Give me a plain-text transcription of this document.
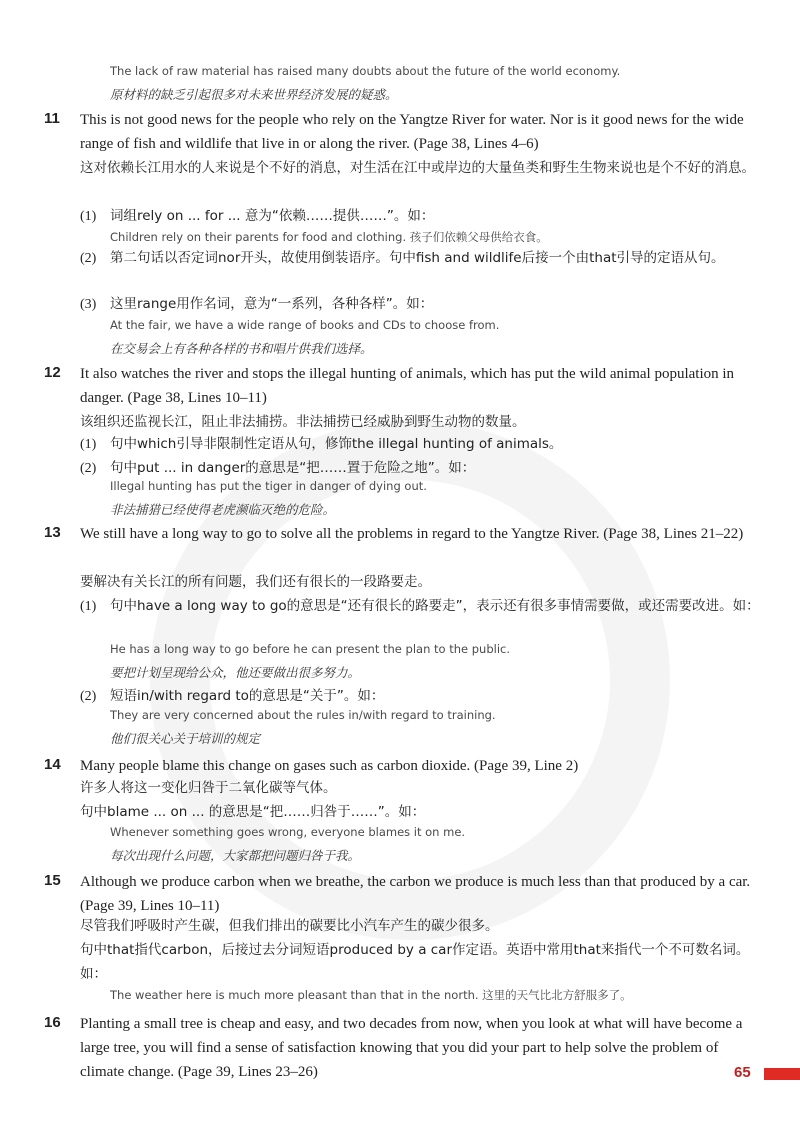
The lack of raw material has raised many doubts about the future of the world economy.
原材料的缺乏引起很多对未来世界经济发展的疑惑。
11 This is not good news for the people who rely on the Yangtze River for water. Nor is it good news for the wide range of fish and wildlife that live in or along the river. (Page 38, Lines 4–6)
这对依赖长江用水的人来说是个不好的消息，对生活在江中或岸边的大量鱼类和野生生物来说也是个不好的消息。
(1) 词组rely on ... for ... 意为“依赖……提供……”。如：
Children rely on their parents for food and clothing. 孩子们依赖父母供给衣食。
(2) 第二句话以否定词nor开头，故使用倒装语序。句中fish and wildlife后接一个由that引导的定语从句。
(3) 这里range用作名词，意为“一系列，各种各样”。如：
At the fair, we have a wide range of books and CDs to choose from.
在交易会上有各种各样的书和唱片供我们选择。
12 It also watches the river and stops the illegal hunting of animals, which has put the wild animal population in danger. (Page 38, Lines 10–11)
该组织还监视长江，阻止非法捕捞。非法捕捞已经威胁到野生动物的数量。
(1) 句中which引导非限制性定语从句，修饰the illegal hunting of animals。
(2) 句中put ... in danger的意思是“把……置于危险之地”。如：
Illegal hunting has put the tiger in danger of dying out.
非法捕猎已经使得老虎濒临灭绝的危险。
13 We still have a long way to go to solve all the problems in regard to the Yangtze River. (Page 38, Lines 21–22)
要解决有关长江的所有问题，我们还有很长的一段路要走。
(1) 句中have a long way to go的意思是“还有很长的路要走”，表示还有很多事情需要做，或还需要改进。如：
He has a long way to go before he can present the plan to the public.
要把计划呈现给公众，他还要做出很多努力。
(2) 短语in/with regard to的意思是“关于”。如：
They are very concerned about the rules in/with regard to training.
他们很关心关于培训的规定
14 Many people blame this change on gases such as carbon dioxide. (Page 39, Line 2)
许多人将这一变化归咎于二氧化碳等气体。
句中blame ... on ... 的意思是“把……归咎于……”。如：
Whenever something goes wrong, everyone blames it on me.
每次出现什么问题，大家都把问题归咎于我。
15 Although we produce carbon when we breathe, the carbon we produce is much less than that produced by a car. (Page 39, Lines 10–11)
尽管我们呼吸时产生碳，但我们排出的碳要比小汽车产生的碳少很多。
句中that指代carbon，后接过去分词短语produced by a car作定语。英语中常用that来指代一个不可数名词。如：
The weather here is much more pleasant than that in the north. 这里的天气比北方舒服多了。
16 Planting a small tree is cheap and easy, and two decades from now, when you look at what will have become a large tree, you will find a sense of satisfaction knowing that you did your part to help solve the problem of climate change. (Page 39, Lines 23–26)	65
